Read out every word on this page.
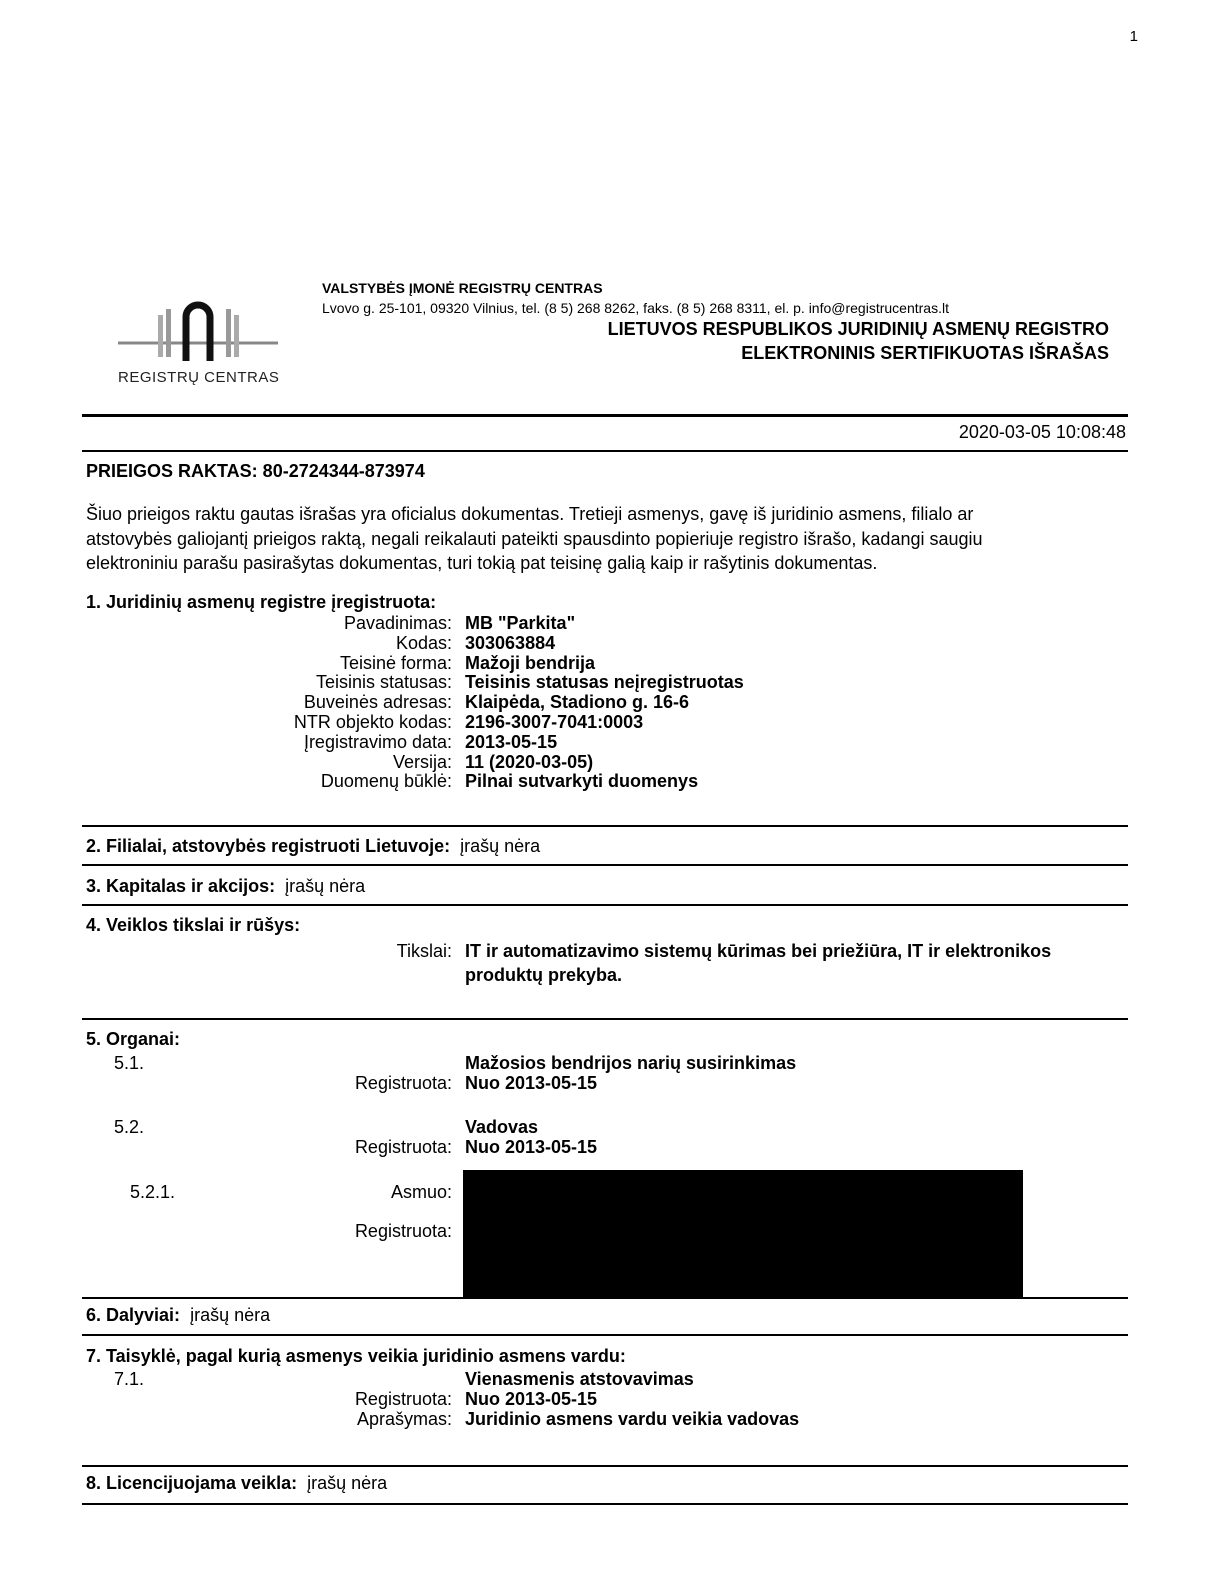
1
REGISTRŲ CENTRAS
VALSTYBĖS ĮMONĖ REGISTRŲ CENTRAS
Lvovo g. 25-101, 09320 Vilnius, tel. (8 5) 268 8262, faks. (8 5) 268 8311, el. p. info@registrucentras.lt
LIETUVOS RESPUBLIKOS JURIDINIŲ ASMENŲ REGISTRO
ELEKTRONINIS SERTIFIKUOTAS IŠRAŠAS
2020-03-05 10:08:48
PRIEIGOS RAKTAS: 80-2724344-873974
Šiuo prieigos raktu gautas išrašas yra oficialus dokumentas. Tretieji asmenys, gavę iš juridinio asmens, filialo ar
atstovybės galiojantį prieigos raktą, negali reikalauti pateikti spausdinto popieriuje registro išrašo, kadangi saugiu
elektroniniu parašu pasirašytas dokumentas, turi tokią pat teisinę galią kaip ir rašytinis dokumentas.
1. Juridinių asmenų registre įregistruota:
Pavadinimas: MB "Parkita"
Kodas: 303063884
Teisinė forma: Mažoji bendrija
Teisinis statusas: Teisinis statusas neįregistruotas
Buveinės adresas: Klaipėda, Stadiono g. 16-6
NTR objekto kodas: 2196-3007-7041:0003
Įregistravimo data: 2013-05-15
Versija: 11 (2020-03-05)
Duomenų būklė: Pilnai sutvarkyti duomenys
2. Filialai, atstovybės registruoti Lietuvoje: įrašų nėra
3. Kapitalas ir akcijos: įrašų nėra
4. Veiklos tikslai ir rūšys:
Tikslai: IT ir automatizavimo sistemų kūrimas bei priežiūra, IT ir elektronikos
produktų prekyba.
5. Organai:
5.1.	Mažosios bendrijos narių susirinkimas
Registruota: Nuo 2013-05-15
5.2.	Vadovas
Registruota: Nuo 2013-05-15
5.2.1.	Asmuo:
Registruota:
6. Dalyviai: įrašų nėra
7. Taisyklė, pagal kurią asmenys veikia juridinio asmens vardu:
7.1.	Vienasmenis atstovavimas
Registruota: Nuo 2013-05-15
Aprašymas: Juridinio asmens vardu veikia vadovas
8. Licencijuojama veikla: įrašų nėra
